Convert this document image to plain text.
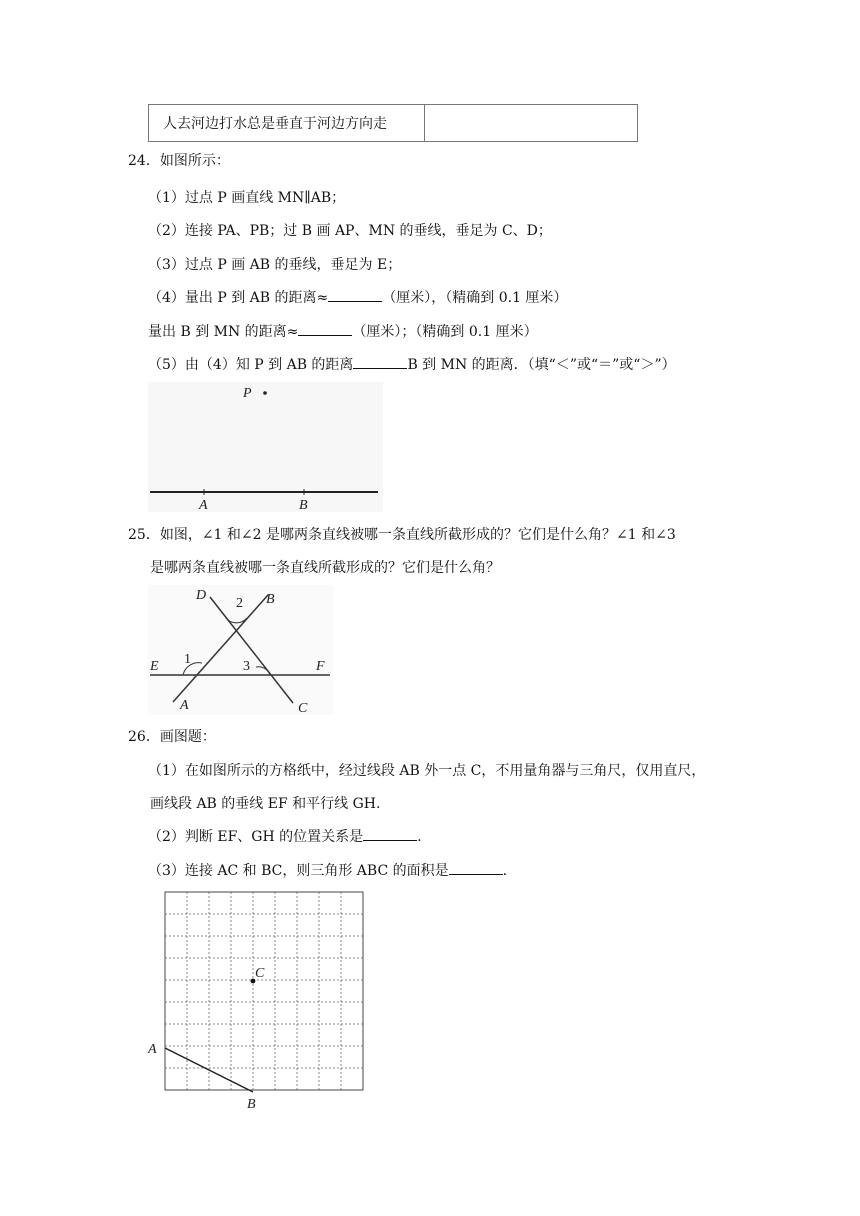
人去河边打水总是垂直于河边方向走	
24．如图所示：
（1）过点 P 画直线 MN∥AB；
（2）连接 PA、PB；过 B 画 AP、MN 的垂线，垂足为 C、D；
（3）过点 P 画 AB 的垂线，垂足为 E；
（4）量出 P 到 AB 的距离≈	（厘米），（精确到 0.1 厘米）
量出 B 到 MN 的距离≈	（厘米）；（精确到 0.1 厘米）
（5）由（4）知 P 到 AB 的距离	B 到 MN 的距离．（填“＜”或“＝”或“＞”）
P
A	B
25．如图，∠1 和∠2 是哪两条直线被哪一条直线所截形成的？它们是什么角？∠1 和∠3
是哪两条直线被哪一条直线所截形成的？它们是什么角？
D	B
E	F
A	C
1
2
3
26．画图题：
（1）在如图所示的方格纸中，经过线段 AB 外一点 C，不用量角器与三角尺，仅用直尺，
画线段 AB 的垂线 EF 和平行线 GH.
（2）判断 EF、GH 的位置关系是	.
（3）连接 AC 和 BC，则三角形 ABC 的面积是	.
A
B
C
